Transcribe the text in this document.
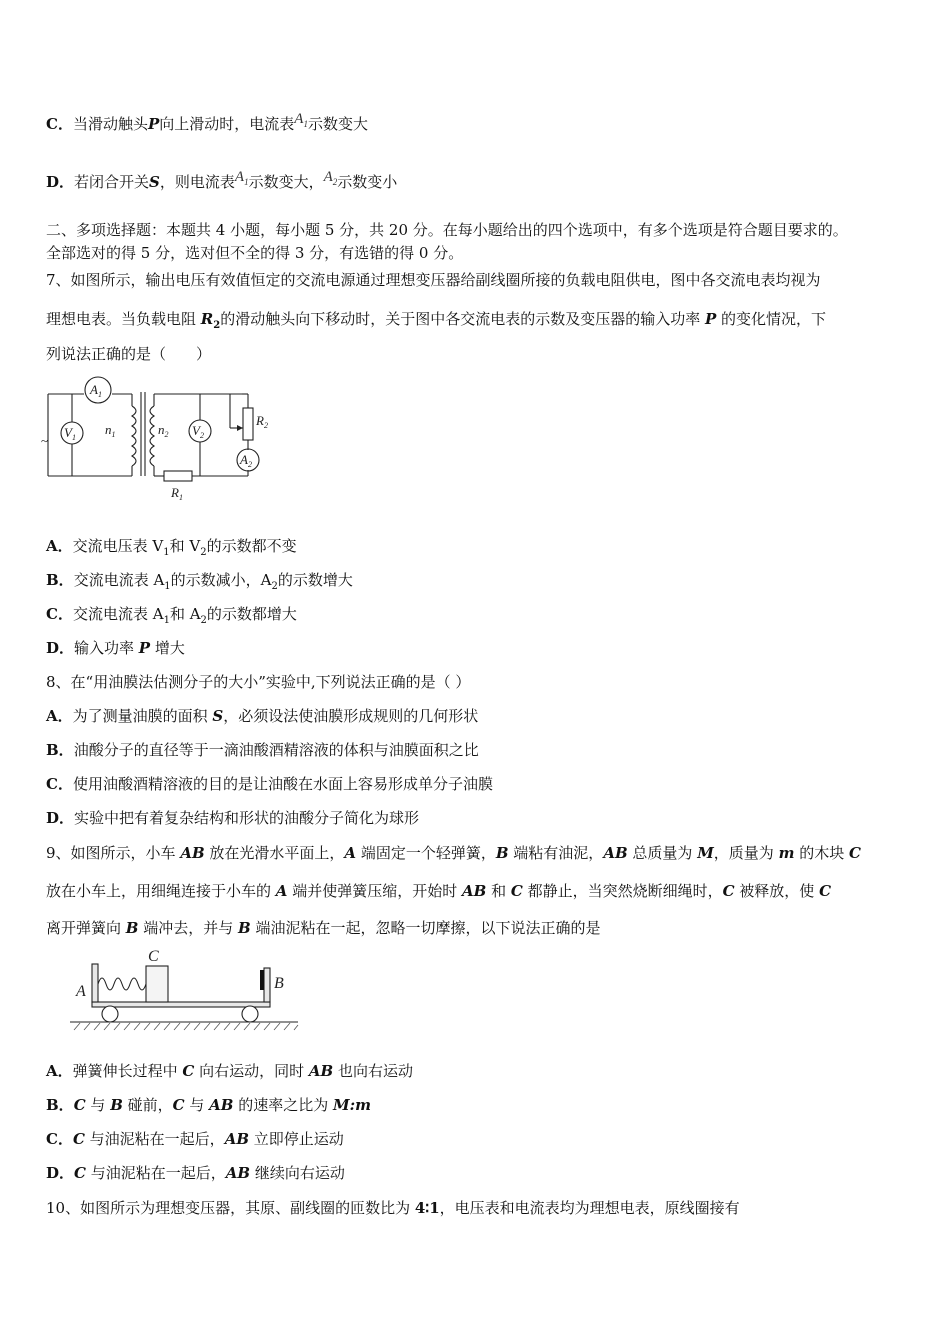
C．当滑动触头P向上滑动时，电流表$A_1$示数变大
D．若闭合开关S，则电流表$A_1$示数变大，$A_2$示数变小
二、多项选择题：本题共 4 小题，每小题 5 分，共 20 分。在每小题给出的四个选项中，有多个选项是符合题目要求的。
全部选对的得 5 分，选对但不全的得 3 分，有选错的得 0 分。
7、如图所示，输出电压有效值恒定的交流电源通过理想变压器给副线圈所接的负载电阻供电，图中各交流电表均视为
理想电表。当负载电阻 $R_2$的滑动触头向下移动时，关于图中各交流电表的示数及变压器的输入功率 P 的变化情况，下
列说法正确的是（　　）
$A_1$
$V_1$	$V_2$
$A_2$
$n_1$	$n_2$
$R_2$
$R_1$
~
A．交流电压表 $V_1$和 $V_2$的示数都不变
B．交流电流表 $A_1$的示数减小，$A_2$的示数增大
C．交流电流表 $A_1$和 $A_2$的示数都增大
D．输入功率 P 增大
8、在“用油膜法估测分子的大小”实验中,下列说法正确的是（ ）
A．为了测量油膜的面积 S，必须设法使油膜形成规则的几何形状
B．油酸分子的直径等于一滴油酸酒精溶液的体积与油膜面积之比
C．使用油酸酒精溶液的目的是让油酸在水面上容易形成单分子油膜
D．实验中把有着复杂结构和形状的油酸分子简化为球形
9、如图所示，小车 AB 放在光滑水平面上，A 端固定一个轻弹簧，B 端粘有油泥，AB 总质量为 M，质量为 m 的木块 C
放在小车上，用细绳连接于小车的 A 端并使弹簧压缩，开始时 AB 和 C 都静止，当突然烧断细绳时，C 被释放，使 C
离开弹簧向 B 端冲去，并与 B 端油泥粘在一起，忽略一切摩擦，以下说法正确的是
C
A	B
A．弹簧伸长过程中 C 向右运动，同时 AB 也向右运动
B．C 与 B 碰前，C 与 AB 的速率之比为 M:m
C．C 与油泥粘在一起后，AB 立即停止运动
D．C 与油泥粘在一起后，AB 继续向右运动
10、如图所示为理想变压器，其原、副线圈的匝数比为 4∶1，电压表和电流表均为理想电表，原线圈接有
